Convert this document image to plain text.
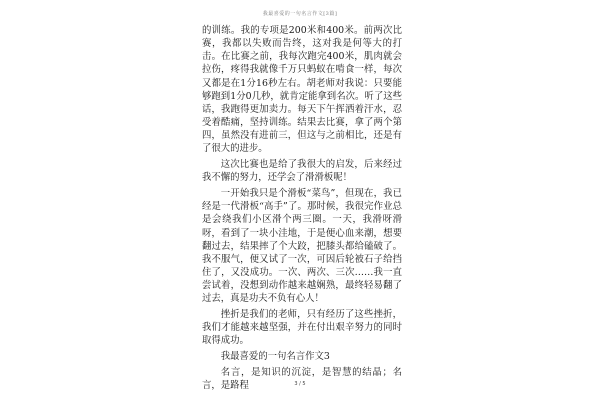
我最喜爱的一句名言作文[3篇]

的训练。我的专项是200米和400米。前两次比赛，我都以失败而告终，这对我是何等大的打击。在比赛之前，我每次跑完400米，肌肉就会拉伤，疼得我就像千万只蚂蚁在啃食一样，每次又都是在1分16秒左右。胡老师对我说：只要能够跑到1分0几秒，就肯定能拿到名次。听了这些话，我跑得更加卖力。每天下午挥洒着汗水，忍受着酷痛，坚持训练。结果去比赛，拿了两个第四，虽然没有进前三，但这与之前相比，还是有了很大的进步。

这次比赛也是给了我很大的启发，后来经过我不懈的努力，还学会了滑滑板呢！

一开始我只是个滑板“菜鸟”，但现在，我已经是一代滑板“高手”了。那时候，我很完作业总是会绕我们小区滑个两三圈。一天，我滑呀滑呀，看到了一块小洼地，于是便心血来潮，想要翻过去，结果摔了个大跤，把膝头都给磕破了。我不服气，便又试了一次，可因后轮被石子给挡住了，又没成功。一次、两次、三次……我一直尝试着，没想到动作越来越娴熟，最终轻易翻了过去，真是功夫不负有心人！

挫折是我们的老师，只有经历了这些挫折，我们才能越来越坚强，并在付出艰辛努力的同时取得成功。

我最喜爱的一句名言作文3

名言，是知识的沉淀，是智慧的结晶；名言，是路程	3 / 5
